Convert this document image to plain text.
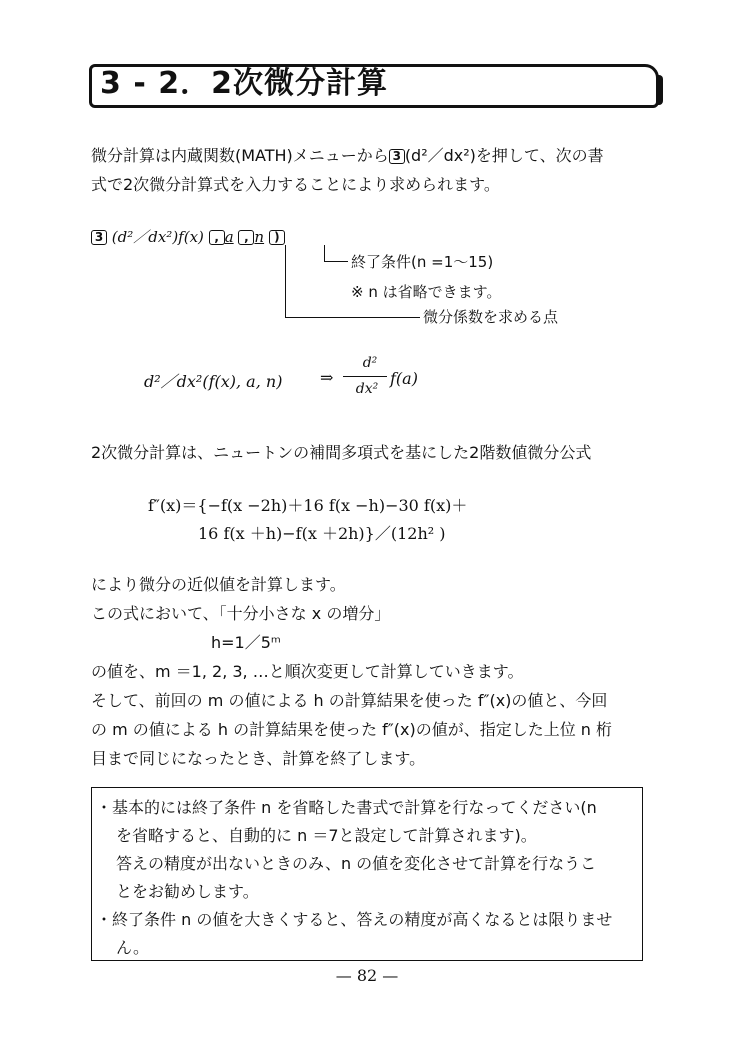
3 - 2．2次微分計算
微分計算は内蔵関数(MATH)メニューから 3 (d²／dx²)を押して、次の書
式で2次微分計算式を入力することにより求められます。
3 (d²／dx²)f(x) , a , n )
終了条件(n =1〜15)
※ n は省略できます。
微分係数を求める点
d²／dx²(f(x), a, n) ⇒
d²
dx²
f(a)
2次微分計算は、ニュートンの補間多項式を基にした2階数値微分公式
f″(x)＝{−f(x −2h)＋16 f(x −h)−30 f(x)＋
16 f(x ＋h)−f(x ＋2h)}／(12h² )
により微分の近似値を計算します。
この式において、「十分小さな x の増分」
h=1／5ᵐ
の値を、m ＝1, 2, 3, …と順次変更して計算していきます。
そして、前回の m の値による h の計算結果を使った f″(x)の値と、今回
の m の値による h の計算結果を使った f″(x)の値が、指定した上位 n 桁
目まで同じになったとき、計算を終了します。
・基本的には終了条件 n を省略した書式で計算を行なってください(n
を省略すると、自動的に n ＝7と設定して計算されます)。
答えの精度が出ないときのみ、n の値を変化させて計算を行なうこ
とをお勧めします。
・終了条件 n の値を大きくすると、答えの精度が高くなるとは限りませ
ん。
— 82 —
